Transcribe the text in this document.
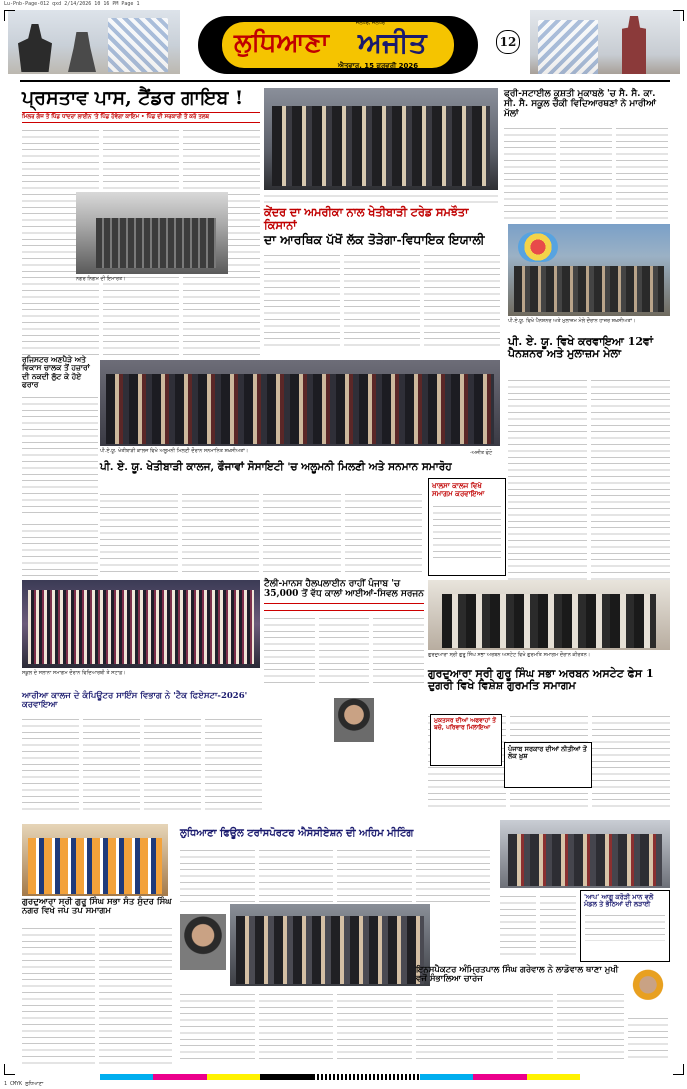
Lu-Pnb-Page-012 qxd 2/14/2026 10 16 PM Page 1
ਲੁਧਿਆਣਾ ਅਜੀਤ
ਜਲੰਧਰ, ਜਲੰਧਰ
ਐਤਵਾਰ, 15 ਫਰਵਰੀ 2026
12
ਪ੍ਰਸਤਾਵ ਪਾਸ, ਟੈਂਡਰ ਗਾਇਬ !
ਮਿਲਰ ਗੰਜ ਤੋਂ ਪਿੰਡ ਧਾਂਦਰਾ ਲਾਈਨ 'ਤੇ ਪਿੰਡ ਹੋਵੇਗਾ ਕਾਇਮ • ਪਿੰਡ ਦੀ ਸਰਕਾਰੀ ਤੋਂ ਕਰੋ ਤਲਬ
ਨਗਰ ਨਿਗਮ ਦੀ ਇਮਾਰਤ।
ਫ੍ਰੀ-ਸਟਾਈਲ ਕੁਸ਼ਤੀ ਮੁਕਾਬਲੇ 'ਚ ਸੈ. ਸੈ. ਕਾ. ਸੀ. ਸੈ. ਸਕੂਲ ਚੌਕੀ ਵਿਦਿਆਰਥਣਾਂ ਨੇ ਮਾਰੀਆਂ ਮੱਲਾਂ
ਕੇਂਦਰ ਦਾ ਅਮਰੀਕਾ ਨਾਲ ਖੇਤੀਬਾੜੀ ਟਰੇਡ ਸਮਝੌਤਾ ਕਿਸਾਨਾਂ
ਦਾ ਆਰਥਿਕ ਪੱਖੋਂ ਲੱਕ ਤੋੜੇਗਾ-ਵਿਧਾਇਕ ਇਯਾਲੀ
ਪੀ.ਏ.ਯੂ. ਵਿਖੇ ਪੈਨਸ਼ਨਰ ਅਤੇ ਮੁਲਾਜ਼ਮ ਮੇਲੇ ਦੌਰਾਨ ਹਾਜ਼ਰ ਸ਼ਖ਼ਸੀਅਤਾਂ।
ਪੀ. ਏ. ਯੂ. ਵਿਖੇ ਕਰਵਾਇਆ 12ਵਾਂ ਪੈਨਸ਼ਨਰ ਅਤੇ ਮੁਲਾਜ਼ਮ ਮੇਲਾ
ਰਜਿਸਟਰ ਅਣਪੈੜੇ ਅਤੇ ਵਿਕਾਸ ਚਾਲਕ ਤੋਂ ਹਜ਼ਾਰਾਂ ਦੀ ਨਕਦੀ ਲੁੱਟ ਕੇ ਹੋਏ ਫਰਾਰ
ਪੀ.ਏ.ਯੂ. ਖੇਤੀਬਾੜੀ ਕਾਲਜ ਵਿਖੇ ਅਲੂਮਨੀ ਮਿਲਣੀ ਦੌਰਾਨ ਸਨਮਾਨਿਤ ਸ਼ਖ਼ਸੀਅਤਾਂ।
ਪੀ. ਏ. ਯੂ. ਖੇਤੀਬਾੜੀ ਕਾਲਜ, ਫੌਜਾਵਾਂ ਸੋਸਾਇਟੀ 'ਚ ਅਲੂਮਨੀ ਮਿਲਣੀ ਅਤੇ ਸਨਮਾਨ ਸਮਾਰੋਹ
ਖਾਲਸਾ ਕਾਲਜ ਵਿਖੇ ਸਮਾਗਮ ਕਰਵਾਇਆ
ਟੈਲੀ-ਮਾਨਸ ਹੈਲਪਲਾਈਨ ਰਾਹੀਂ ਪੰਜਾਬ 'ਚ 35,000 ਤੋਂ ਵੱਧ ਕਾਲਾਂ ਆਈਆਂ-ਸਿਵਲ ਸਰਜਨ
ਸਕੂਲ ਦੇ ਸਲਾਨਾ ਸਮਾਗਮ ਦੌਰਾਨ ਵਿਦਿਆਰਥੀ ਤੇ ਸਟਾਫ਼।
ਗੁਰਦੁਆਰਾ ਸ੍ਰੀ ਗੁਰੂ ਸਿੰਘ ਸਭਾ ਅਰਬਨ ਅਸਟੇਟ ਵਿਖੇ ਗੁਰਮਤਿ ਸਮਾਗਮ ਦੌਰਾਨ ਕੀਰਤਨ।
ਗੁਰਦੁਆਰਾ ਸ੍ਰੀ ਗੁਰੂ ਸਿੰਘ ਸਭਾ ਅਰਬਨ ਅਸਟੇਟ ਫੇਸ 1 ਦੁਗਰੀ ਵਿਖੇ ਵਿਸ਼ੇਸ਼ ਗੁਰਮਤਿ ਸਮਾਗਮ
ਆਰੀਆ ਕਾਲਜ ਦੇ ਕੰਪਿਊਟਰ ਸਾਇੰਸ ਵਿਭਾਗ ਨੇ 'ਟੈਕ ਫਿਏਸਟਾ-2026' ਕਰਵਾਇਆ
ਪੰਜਾਬ ਸਰਕਾਰ ਦੀਆਂ ਨੀਤੀਆਂ ਤੋਂ ਲੋਕ ਖ਼ੁਸ਼
ਗੁਰਦੁਆਰਾ ਸ੍ਰੀ ਗੁਰੂ ਸਿੰਘ ਸਭਾ ਸੰਤ ਸੁੰਦਰ ਸਿੰਘ ਨਗਰ ਵਿਖੇ ਜਪ ਤਪ ਸਮਾਗਮ
ਲੁਧਿਆਣਾ ਫਿਊਲ ਟਰਾਂਸਪੋਰਟਰ ਐਸੋਸੀਏਸ਼ਨ ਦੀ ਅਹਿਮ ਮੀਟਿੰਗ
'ਆਪ' ਆਗੂ ਕਰੋੜੀ ਮਾਨ ਵਲੋਂ ਮੰਡਲ ਤੇ ਭੱਠਿਆਂ ਦੀ ਲੜਾਈ
ਇਨਸਪੈਕਟਰ ਅੰਮ੍ਰਿਤਪਾਲ ਸਿੰਘ ਗਰੇਵਾਲ ਨੇ ਲਾਡੋਵਾਲ ਥਾਣਾ ਮੁਖੀ ਵਜੋਂ ਸੰਭਾਲਿਆ ਚਾਰਜ
ਮੁਕਤਸਰ ਦੀਆਂ ਅਫਵਾਹਾਂ ਤੋਂ ਬਚੋ, ਪਰਿਵਾਰ ਮਿਲਾਇਆ
-ਅਜੀਤ ਫੋਟੋ
1 CMYK ਲੁਧਿਆਣਾ
